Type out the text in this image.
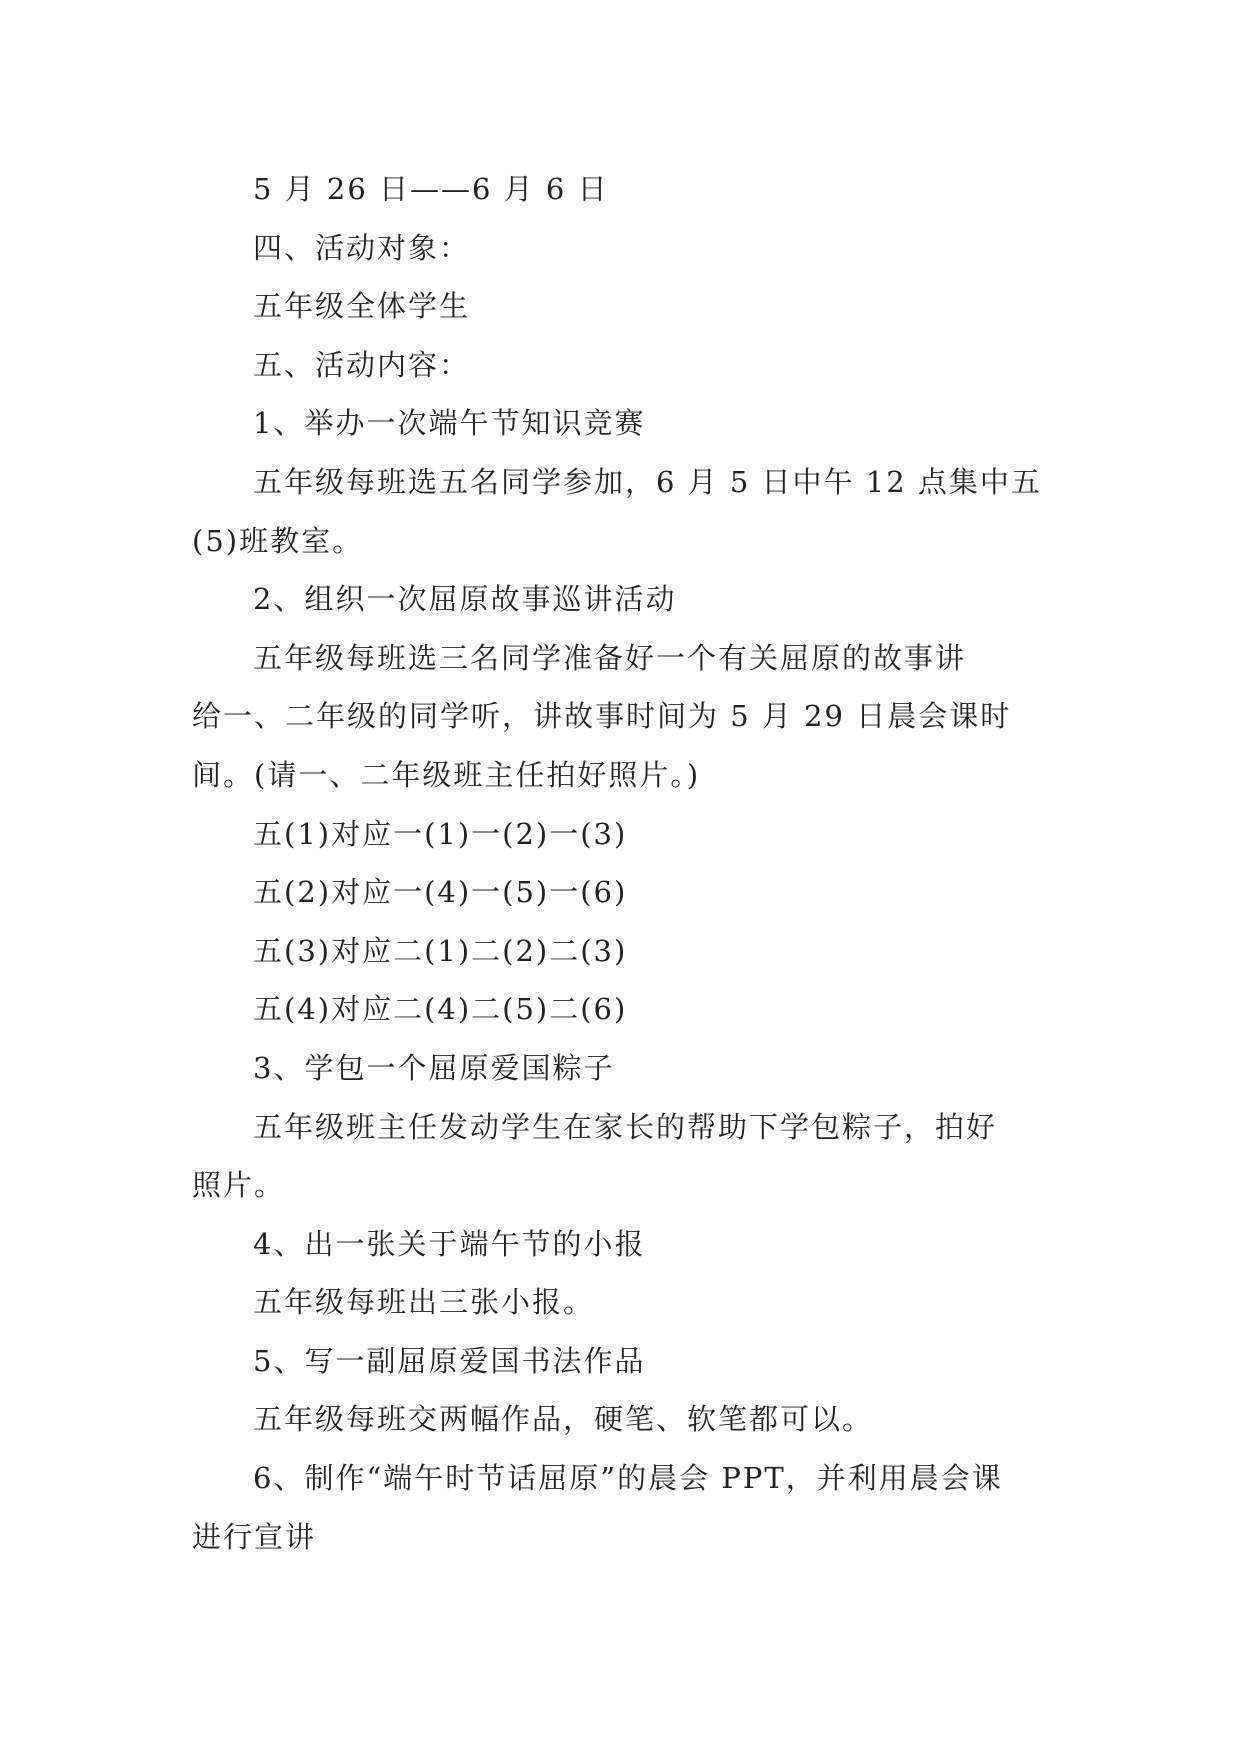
5 月 26 日——6 月 6 日
四、活动对象：
五年级全体学生
五、活动内容：
1、举办一次端午节知识竞赛
五年级每班选五名同学参加，6 月 5 日中午 12 点集中五
(5)班教室。
2、组织一次屈原故事巡讲活动
五年级每班选三名同学准备好一个有关屈原的故事讲
给一、二年级的同学听，讲故事时间为 5 月 29 日晨会课时
间。(请一、二年级班主任拍好照片。)
五(1)对应一(1)一(2)一(3)
五(2)对应一(4)一(5)一(6)
五(3)对应二(1)二(2)二(3)
五(4)对应二(4)二(5)二(6)
3、学包一个屈原爱国粽子
五年级班主任发动学生在家长的帮助下学包粽子，拍好
照片。
4、出一张关于端午节的小报
五年级每班出三张小报。
5、写一副屈原爱国书法作品
五年级每班交两幅作品，硬笔、软笔都可以。
6、制作“端午时节话屈原”的晨会 PPT，并利用晨会课
进行宣讲
